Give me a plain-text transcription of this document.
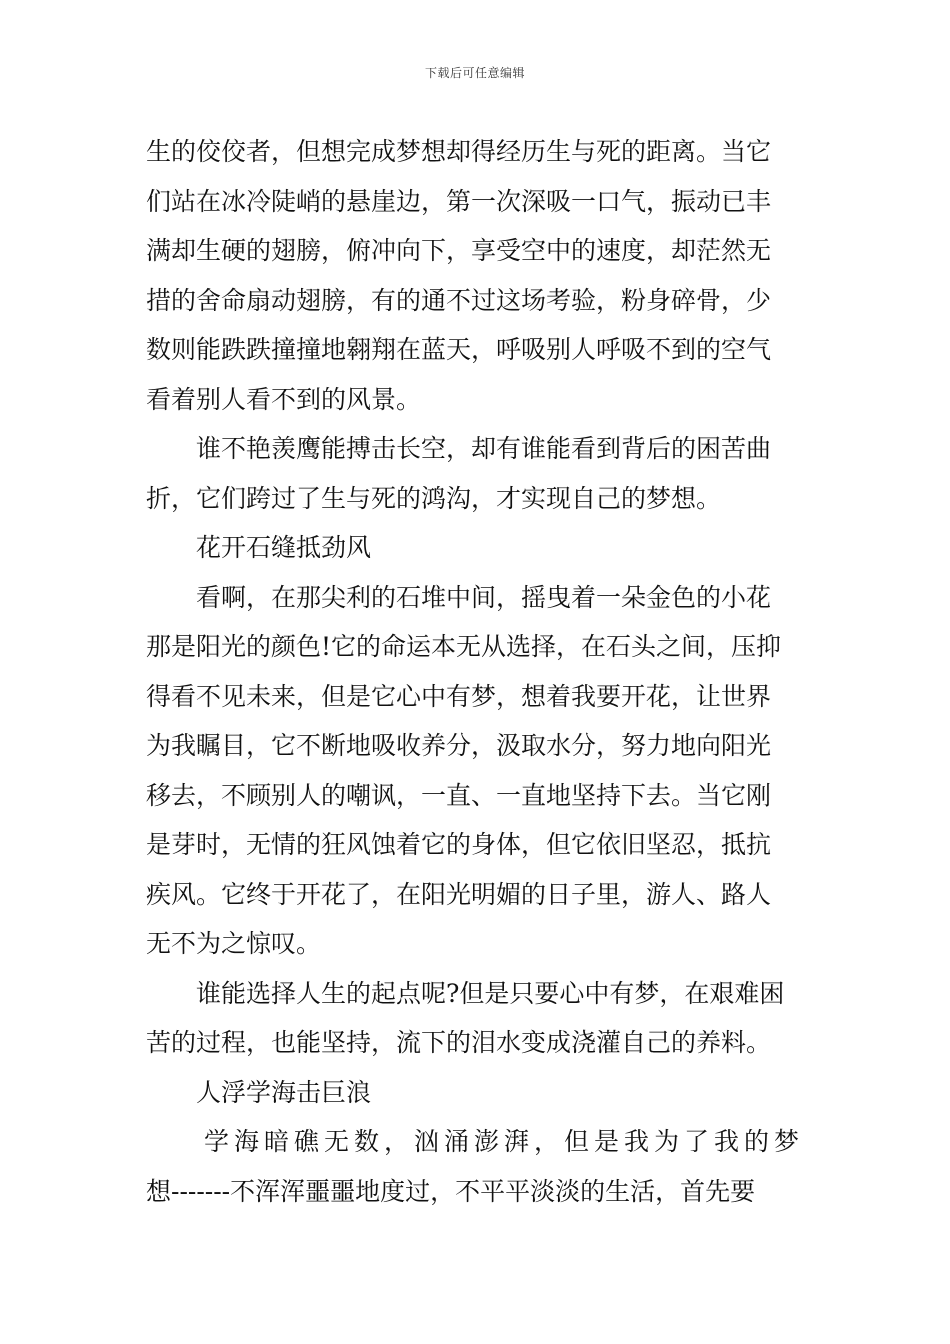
下载后可任意编辑
生的佼佼者，但想完成梦想却得经历生与死的距离。当它
们站在冰冷陡峭的悬崖边，第一次深吸一口气，振动已丰
满却生硬的翅膀，俯冲向下，享受空中的速度，却茫然无
措的舍命扇动翅膀，有的通不过这场考验，粉身碎骨，少
数则能跌跌撞撞地翱翔在蓝天，呼吸别人呼吸不到的空气
看着别人看不到的风景。
谁不艳羡鹰能搏击长空，却有谁能看到背后的困苦曲
折，它们跨过了生与死的鸿沟，才实现自己的梦想。
花开石缝抵劲风
看啊，在那尖利的石堆中间，摇曳着一朵金色的小花
那是阳光的颜色!它的命运本无从选择，在石头之间，压抑
得看不见未来，但是它心中有梦，想着我要开花，让世界
为我瞩目，它不断地吸收养分，汲取水分，努力地向阳光
移去，不顾别人的嘲讽，一直、一直地坚持下去。当它刚
是芽时，无情的狂风蚀着它的身体，但它依旧坚忍，抵抗
疾风。它终于开花了，在阳光明媚的日子里，游人、路人
无不为之惊叹。
谁能选择人生的起点呢?但是只要心中有梦，在艰难困
苦的过程，也能坚持，流下的泪水变成浇灌自己的养料。
人浮学海击巨浪
学海暗礁无数，汹涌澎湃，但是我为了我的梦
想-------不浑浑噩噩地度过，不平平淡淡的生活，首先要
